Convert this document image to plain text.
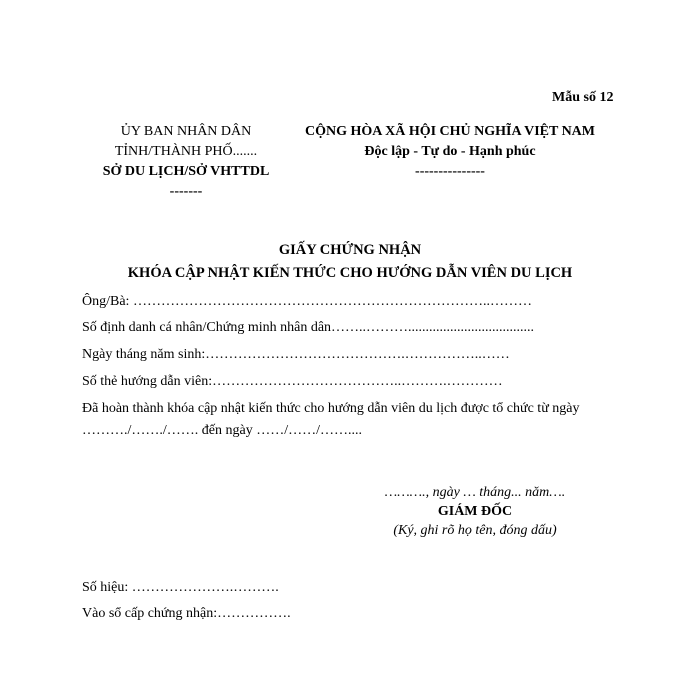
Mẫu số 12
ỦY BAN NHÂN DÂN
TỈNH/THÀNH PHỐ.......
SỞ DU LỊCH/SỞ VHTTDL
-------
CỘNG HÒA XÃ HỘI CHỦ NGHĨA VIỆT NAM
Độc lập - Tự do - Hạnh phúc
---------------
GIẤY CHỨNG NHẬN
KHÓA CẬP NHẬT KIẾN THỨC CHO HƯỚNG DẪN VIÊN DU LỊCH
Ông/Bà: …………………………………………………………………..………
Số định danh cá nhân/Chứng minh nhân dân……..………....................................
Ngày tháng năm sinh:…………………………………….……………..……
Số thẻ hướng dẫn viên:…………………………………..……….…………
Đã hoàn thành khóa cập nhật kiến thức cho hướng dẫn viên du lịch được tổ chức từ ngày
………./……./……. đến ngày ……/……/……....
………., ngày … tháng... năm….
GIÁM ĐỐC
(Ký, ghi rõ họ tên, đóng dấu)
Số hiệu: ………………….……….
Vào sổ cấp chứng nhận:…………….
